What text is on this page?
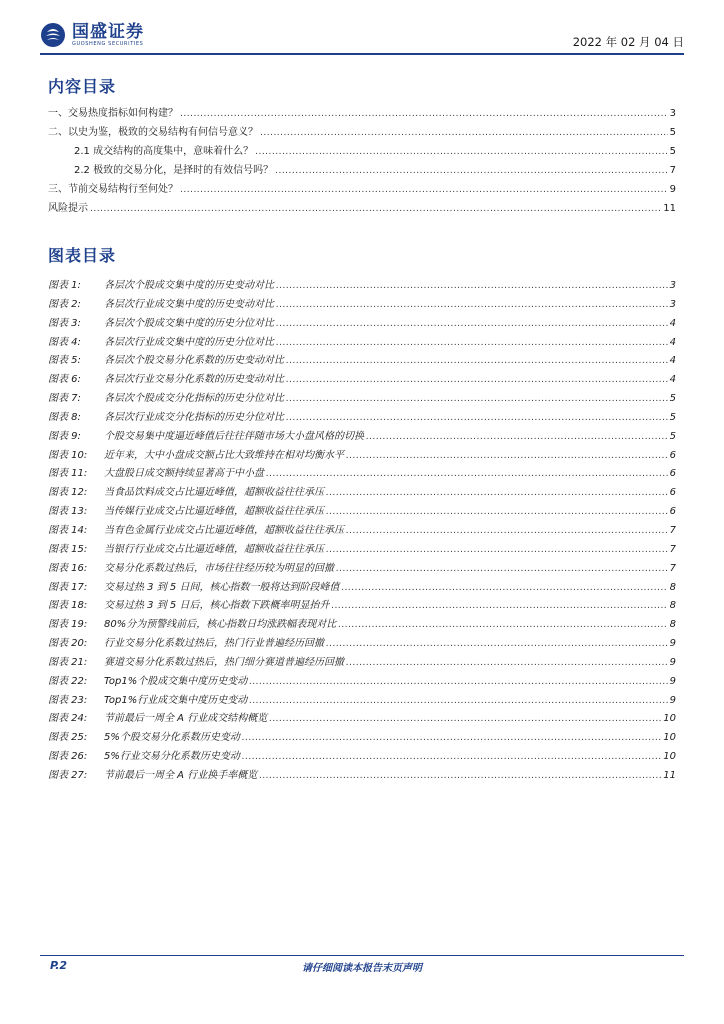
国盛证券
GUOSHENG SECURITIES	2022 年 02 月 04 日
内容目录
一、交易热度指标如何构建？ .....	3
二、以史为鉴，极致的交易结构有何信号意义？ .....	5
2.1 成交结构的高度集中，意味着什么？ .....	5
2.2 极致的交易分化，是择时的有效信号吗？ .....	7
三、节前交易结构行至何处？ .....	9
风险提示 .....	11
图表目录
图表 1:	各层次个股成交集中度的历史变动对比 .....	3
图表 2:	各层次行业成交集中度的历史变动对比 .....	3
图表 3:	各层次个股成交集中度的历史分位对比 .....	4
图表 4:	各层次行业成交集中度的历史分位对比 .....	4
图表 5:	各层次个股交易分化系数的历史变动对比 .....	4
图表 6:	各层次行业交易分化系数的历史变动对比 .....	4
图表 7:	各层次个股成交分化指标的历史分位对比 .....	5
图表 8:	各层次行业成交分化指标的历史分位对比 .....	5
图表 9:	个股交易集中度逼近峰值后往往伴随市场大小盘风格的切换 .....	5
图表 10:	近年来，大中小盘成交额占比大致维持在相对均衡水平 .....	6
图表 11:	大盘股日成交额持续显著高于中小盘 .....	6
图表 12:	当食品饮料成交占比逼近峰值，超额收益往往承压 .....	6
图表 13:	当传媒行业成交占比逼近峰值，超额收益往往承压 .....	6
图表 14:	当有色金属行业成交占比逼近峰值，超额收益往往承压 .....	7
图表 15:	当银行行业成交占比逼近峰值，超额收益往往承压 .....	7
图表 16:	交易分化系数过热后，市场往往经历较为明显的回撤 .....	7
图表 17:	交易过热 3 到 5 日间，核心指数一般将达到阶段峰值 .....	8
图表 18:	交易过热 3 到 5 日后，核心指数下跌概率明显抬升 .....	8
图表 19:	80%分为预警线前后，核心指数日均涨跌幅表现对比 .....	8
图表 20:	行业交易分化系数过热后，热门行业普遍经历回撤 .....	9
图表 21:	赛道交易分化系数过热后，热门细分赛道普遍经历回撤 .....	9
图表 22:	Top1%个股成交集中度历史变动 .....	9
图表 23:	Top1%行业成交集中度历史变动 .....	9
图表 24:	节前最后一周全 A 行业成交结构概览 .....	10
图表 25:	5%个股交易分化系数历史变动 .....	10
图表 26:	5%行业交易分化系数历史变动 .....	10
图表 27:	节前最后一周全 A 行业换手率概览 .....	11
P.2	请仔细阅读本报告末页声明
